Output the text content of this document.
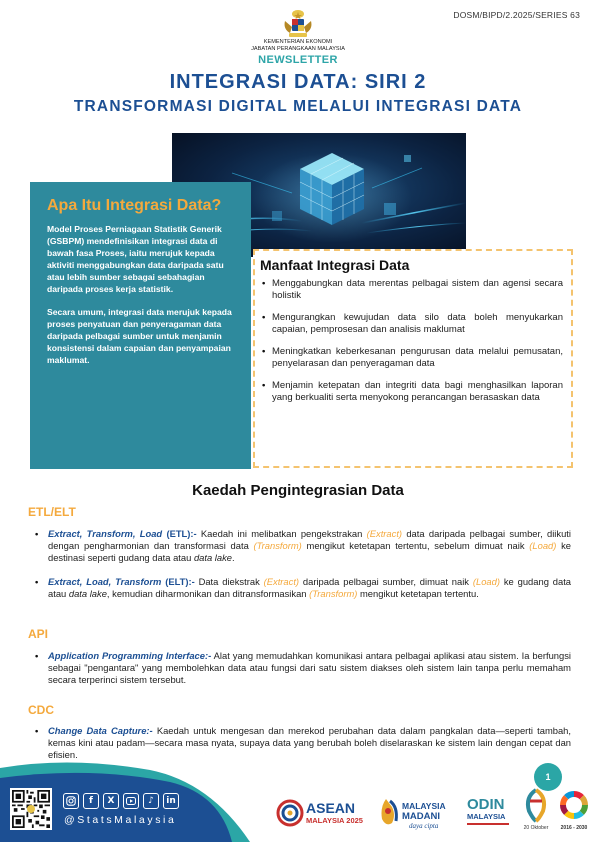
DOSM/BIPD/2.2025/SERIES 63
KEMENTERIAN EKONOMI
JABATAN PERANGKAAN MALAYSIA
NEWSLETTER
INTEGRASI DATA: SIRI 2
TRANSFORMASI DIGITAL MELALUI INTEGRASI DATA
Apa Itu Integrasi Data?

Model Proses Perniagaan Statistik Generik (GSBPM) mendefinisikan integrasi data di bawah fasa Proses, iaitu merujuk kepada aktiviti menggabungkan data daripada satu atau lebih sumber sebagai sebahagian daripada proses kerja statistik.

Secara umum, integrasi data merujuk kepada proses penyatuan dan penyeragaman data daripada pelbagai sumber untuk menjamin konsistensi dalam capaian dan penyampaian maklumat.

Manfaat Integrasi Data
• Menggabungkan data merentas pelbagai sistem dan agensi secara holistik
• Mengurangkan kewujudan data silo data boleh menyukarkan capaian, pemprosesan dan analisis maklumat
• Meningkatkan keberkesanan pengurusan data melalui pemusatan, penyelarasan dan penyeragaman data
• Menjamin ketepatan dan integriti data bagi menghasilkan laporan yang berkualiti serta menyokong perancangan berasaskan data
Kaedah Pengintegrasian Data
ETL/ELT
• Extract, Transform, Load (ETL):- Kaedah ini melibatkan pengekstrakan (Extract) data daripada pelbagai sumber, diikuti dengan pengharmonian dan transformasi data (Transform) mengikut ketetapan tertentu, sebelum dimuat naik (Load) ke destinasi seperti gudang data atau data lake.
• Extract, Load, Transform (ELT):- Data diekstrak (Extract) daripada pelbagai sumber, dimuat naik (Load) ke gudang data atau data lake, kemudian diharmonikan dan ditransformasikan (Transform) mengikut ketetapan tertentu.
API
• Application Programming Interface:- Alat yang memudahkan komunikasi antara pelbagai aplikasi atau sistem. Ia berfungsi sebagai "pengantara" yang membolehkan data atau fungsi dari satu sistem diakses oleh sistem lain tanpa perlu memaham secara terperinci sistem tersebut.
CDC
• Change Data Capture:- Kaedah untuk mengesan dan merekod perubahan data dalam pangkalan data—seperti tambah, kemas kini atau padam—secara masa nyata, supaya data yang berubah boleh diselaraskan ke sistem lain dengan cepat dan efisien.
1
f	X	♪	in
@StatsMalaysia
ASEAN
MALAYSIA 2025
MALAYSIA
MADANI
daya cipta
ODIN
MALAYSIA
20 Oktober 2016 - 2030
